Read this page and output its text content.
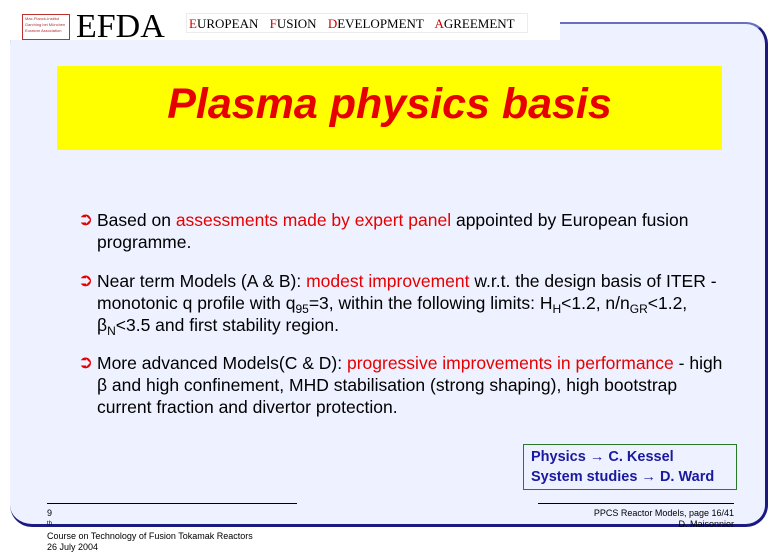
Max-Planck-Institut
Garching bei München
Euratom Association EFDA EUROPEAN FUSION DEVELOPMENT AGREEMENT
Plasma physics basis
➲ Based on assessments made by expert panel appointed by European fusion programme.
➲ Near term Models (A & B): modest improvement w.r.t. the design basis of ITER - monotonic q profile with $q_{95}=3$, within the following limits: $H_H<1.2$, $n/n_{GR}<1.2$, $\beta_N<3.5$ and first stability region.
➲ More advanced Models(C & D): progressive improvements in performance - high β and high confinement, MHD stabilisation (strong shaping), high bootstrap current fraction and divertor protection.
Physics → C. Kessel
System studies → D. Ward
9
$^{th}$
Course on Technology of Fusion Tokamak Reactors
26 July 2004
PPCS Reactor Models, page 16/41
D. Maisonnier
